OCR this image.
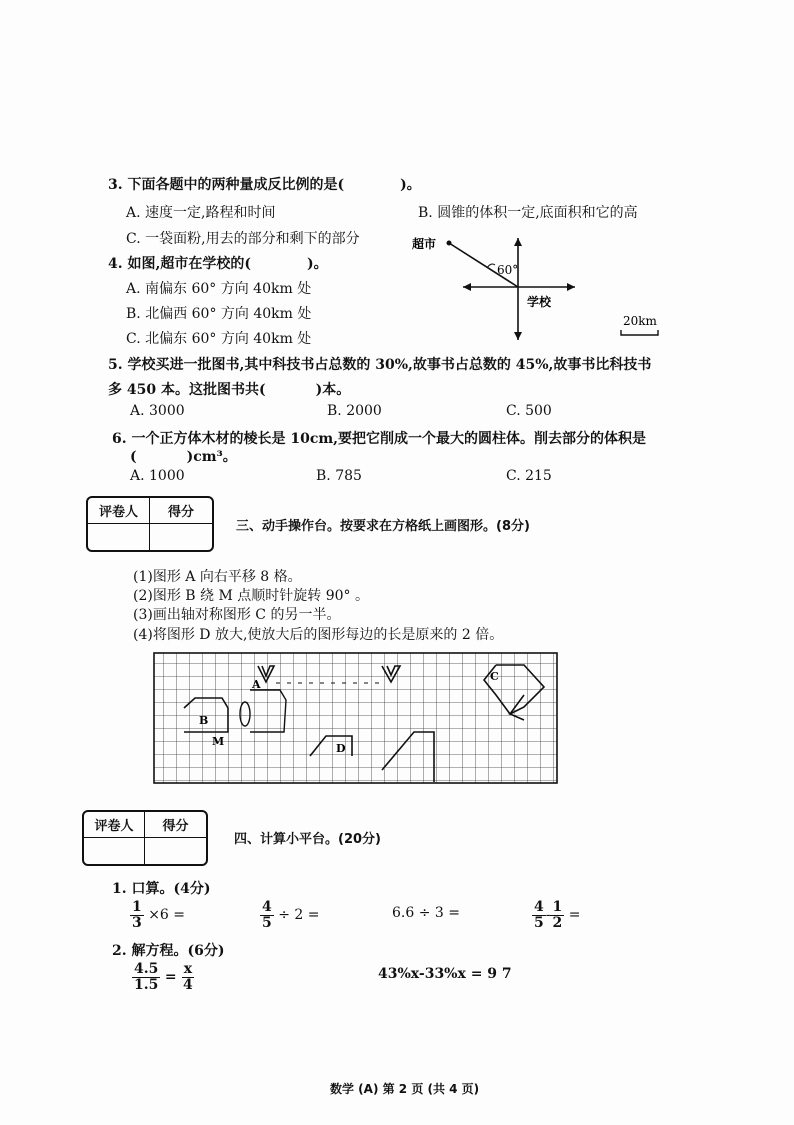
3. 下面各题中的两种量成反比例的是(	)。
A. 速度一定,路程和时间	B. 圆锥的体积一定,底面积和它的高
C. 一袋面粉,用去的部分和剩下的部分
4. 如图,超市在学校的(	)。
A. 南偏东 60° 方向 40km 处
B. 北偏西 60° 方向 40km 处
C. 北偏东 60° 方向 40km 处
超市
60°
学校
20km
5. 学校买进一批图书,其中科技书占总数的 30%,故事书占总数的 45%,故事书比科技书
多 450 本。这批图书共(	)本。
A. 3000	B. 2000	C. 500
6. 一个正方体木材的棱长是 10cm,要把它削成一个最大的圆柱体。削去部分的体积是
(	)cm³。
A. 1000	B. 785	C. 215
评卷人	得分
三、动手操作台。按要求在方格纸上画图形。(8分)
(1)图形 A 向右平移 8 格。
(2)图形 B 绕 M 点顺时针旋转 90° 。
(3)画出轴对称图形 C 的另一半。
(4)将图形 D 放大,使放大后的图形每边的长是原来的 2 倍。
A
B
M
C
D
评卷人	得分
四、计算小平台。(20分)
1. 口算。(4分)
$\frac{1}{3} \times 6$ =	$\frac{4}{5} \div 2$ =	6.6 ÷ 3 =	$\frac{4}{5} - \frac{1}{2}$ =
2. 解方程。(6分)
$\frac{4.5}{1.5} = \frac{x}{4}$	43%x-33%x = 9 7
数学 (A) 第 2 页 (共 4 页)
